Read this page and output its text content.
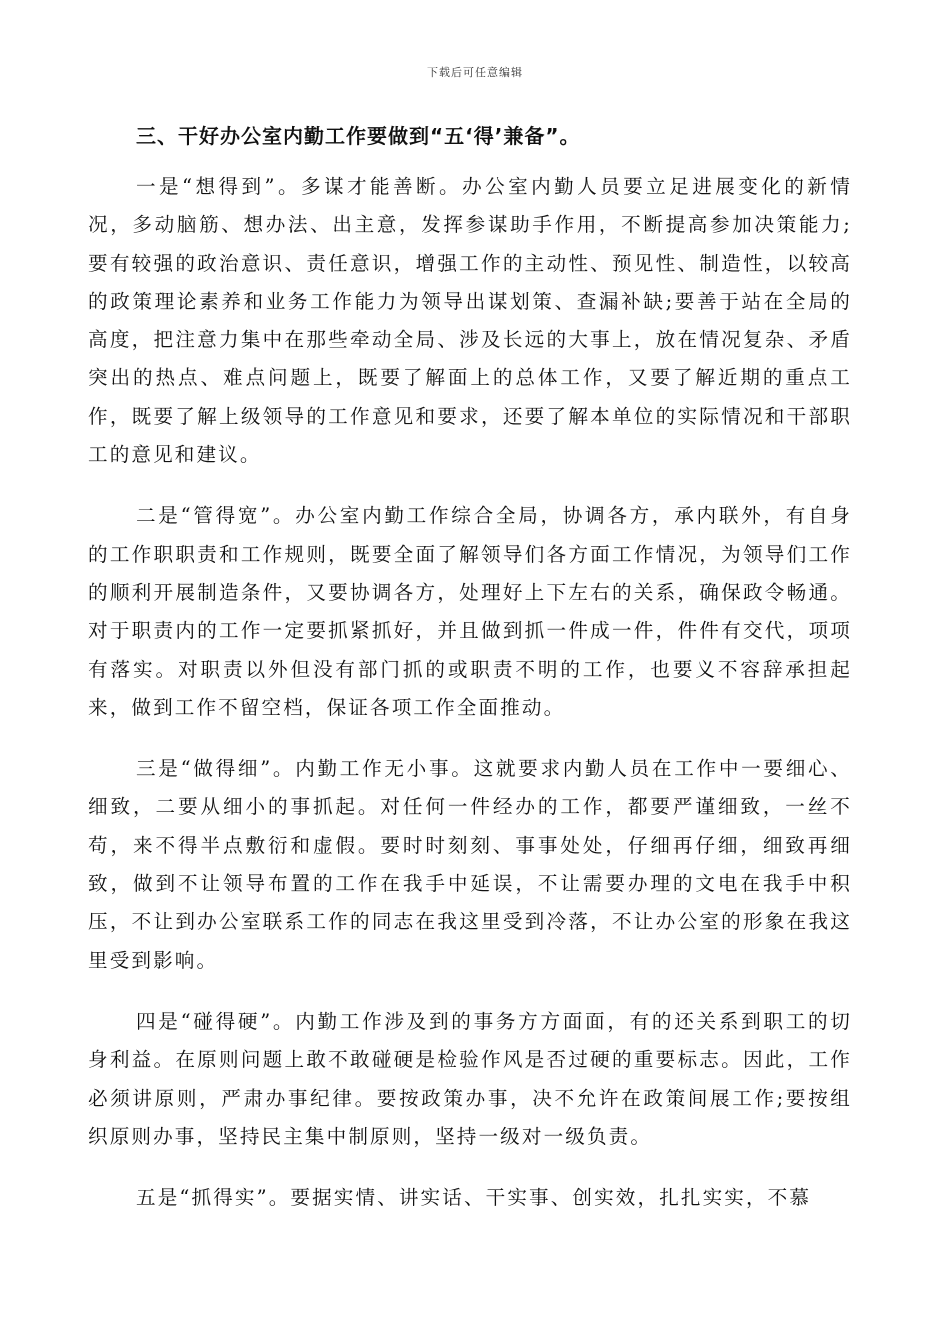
下载后可任意编辑
三、干好办公室内勤工作要做到“五‘得’兼备”。

一是“想得到”。多谋才能善断。办公室内勤人员要立足进展变化的新情况，多动脑筋、想办法、出主意，发挥参谋助手作用，不断提高参加决策能力;要有较强的政治意识、责任意识，增强工作的主动性、预见性、制造性，以较高的政策理论素养和业务工作能力为领导出谋划策、查漏补缺;要善于站在全局的高度，把注意力集中在那些牵动全局、涉及长远的大事上，放在情况复杂、矛盾突出的热点、难点问题上，既要了解面上的总体工作，又要了解近期的重点工作，既要了解上级领导的工作意见和要求，还要了解本单位的实际情况和干部职工的意见和建议。

二是“管得宽”。办公室内勤工作综合全局，协调各方，承内联外，有自身的工作职职责和工作规则，既要全面了解领导们各方面工作情况，为领导们工作的顺利开展制造条件，又要协调各方，处理好上下左右的关系，确保政令畅通。对于职责内的工作一定要抓紧抓好，并且做到抓一件成一件，件件有交代，项项有落实。对职责以外但没有部门抓的或职责不明的工作，也要义不容辞承担起来，做到工作不留空档，保证各项工作全面推动。

三是“做得细”。内勤工作无小事。这就要求内勤人员在工作中一要细心、细致，二要从细小的事抓起。对任何一件经办的工作，都要严谨细致，一丝不苟，来不得半点敷衍和虚假。要时时刻刻、事事处处，仔细再仔细，细致再细致，做到不让领导布置的工作在我手中延误，不让需要办理的文电在我手中积压，不让到办公室联系工作的同志在我这里受到冷落，不让办公室的形象在我这里受到影响。

四是“碰得硬”。内勤工作涉及到的事务方方面面，有的还关系到职工的切身利益。在原则问题上敢不敢碰硬是检验作风是否过硬的重要标志。因此，工作必须讲原则，严肃办事纪律。要按政策办事，决不允许在政策间展工作;要按组织原则办事，坚持民主集中制原则，坚持一级对一级负责。

五是“抓得实”。要据实情、讲实话、干实事、创实效，扎扎实实，不慕
